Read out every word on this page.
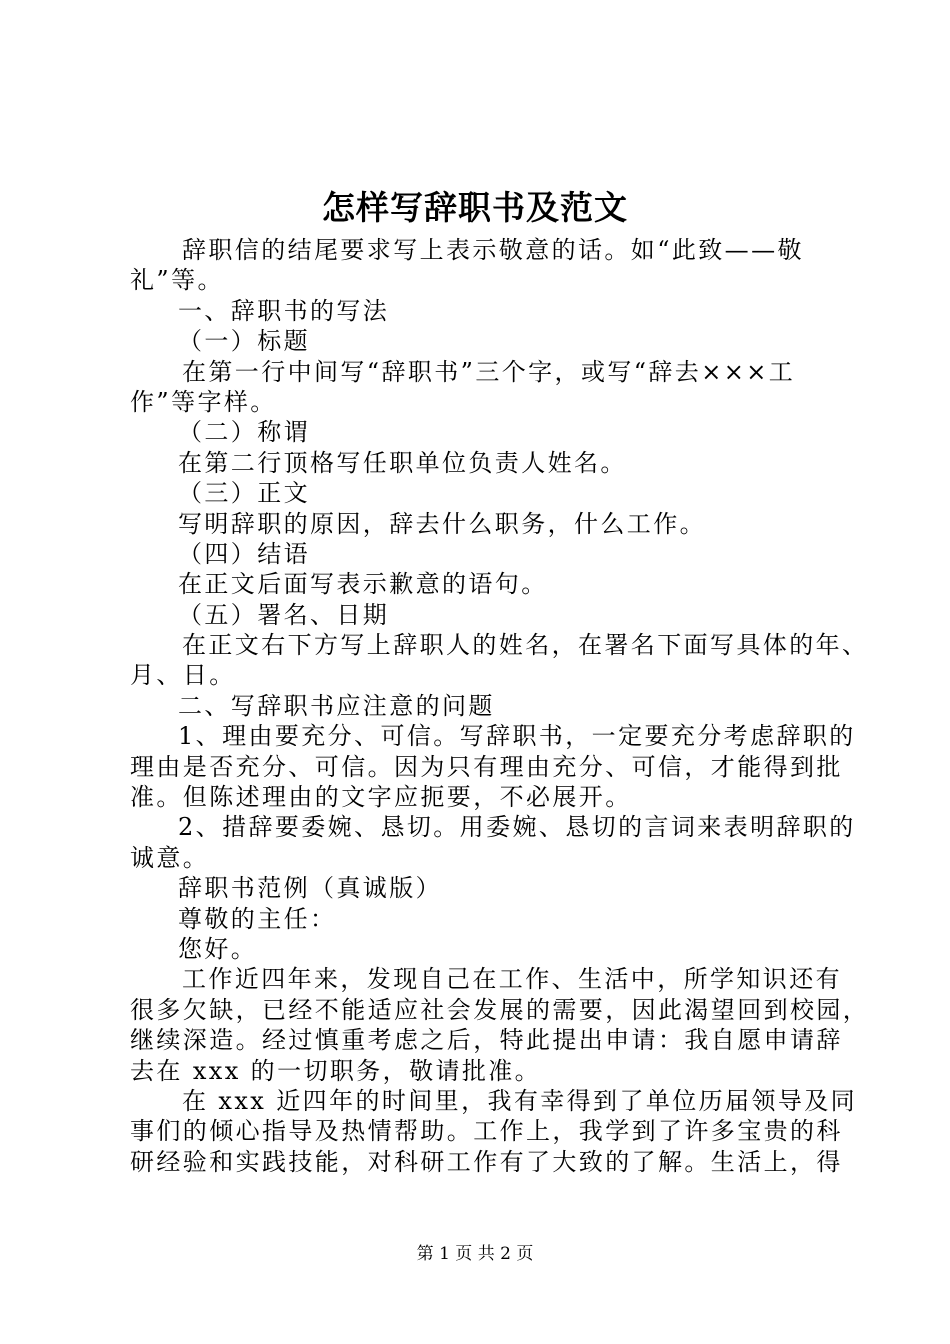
怎样写辞职书及范文
辞职信的结尾要求写上表示敬意的话。如“此致——敬
礼”等。
一、辞职书的写法
（一）标题
在第一行中间写“辞职书”三个字，或写“辞去×××工
作”等字样。
（二）称谓
在第二行顶格写任职单位负责人姓名。
（三）正文
写明辞职的原因，辞去什么职务，什么工作。
（四）结语
在正文后面写表示歉意的语句。
（五）署名、日期
在正文右下方写上辞职人的姓名，在署名下面写具体的年、
月、日。
二、写辞职书应注意的问题
1、理由要充分、可信。写辞职书，一定要充分考虑辞职的
理由是否充分、可信。因为只有理由充分、可信，才能得到批
准。但陈述理由的文字应扼要，不必展开。
2、措辞要委婉、恳切。用委婉、恳切的言词来表明辞职的
诚意。
辞职书范例（真诚版）
尊敬的主任：
您好。
工作近四年来，发现自己在工作、生活中，所学知识还有
很多欠缺，已经不能适应社会发展的需要，因此渴望回到校园，
继续深造。经过慎重考虑之后，特此提出申请：我自愿申请辞
去在 xxx 的一切职务，敬请批准。
在 xxx 近四年的时间里，我有幸得到了单位历届领导及同
事们的倾心指导及热情帮助。工作上，我学到了许多宝贵的科
研经验和实践技能，对科研工作有了大致的了解。生活上，得
第 1 页 共 2 页
